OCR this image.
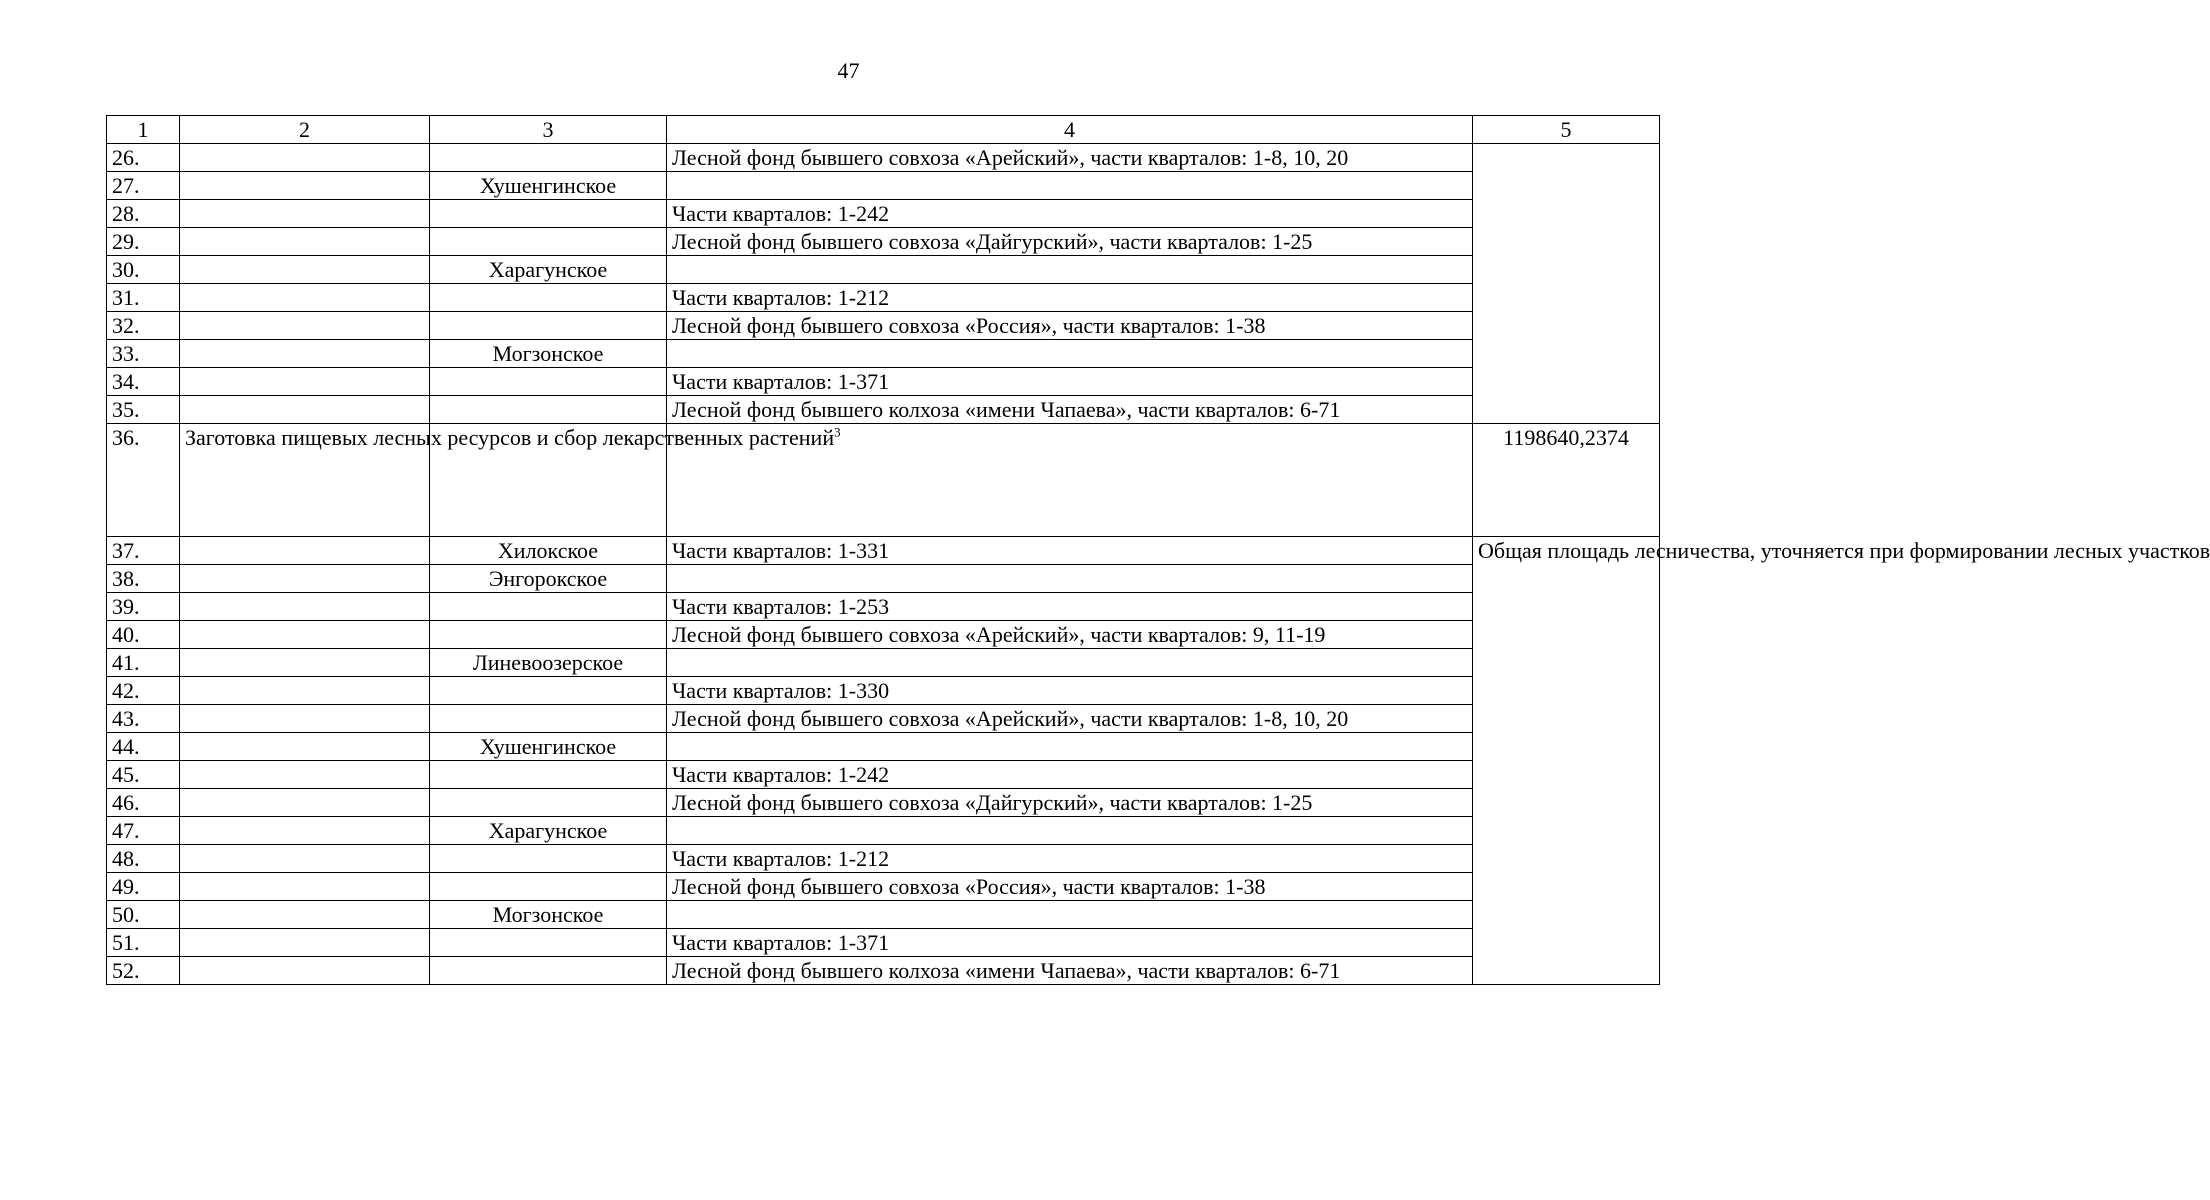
47
1	2	3	4	5
26.			Лесной фонд бывшего совхоза «Арейский», части кварталов: 1-8, 10, 20	
27.		Хушенгинское		
28.			Части кварталов: 1-242	
29.			Лесной фонд бывшего совхоза «Дайгурский», части кварталов: 1-25	
30.		Харагунское		
31.			Части кварталов: 1-212	
32.			Лесной фонд бывшего совхоза «Россия», части кварталов: 1-38	
33.		Могзонское		
34.			Части кварталов: 1-371	
35.			Лесной фонд бывшего колхоза «имени Чапаева», части кварталов: 6-71	
36.	Заготовка пищевых лесных ресурсов и сбор лекарственных растений$^3$			1198640,2374
37.		Хилокское	Части кварталов: 1-331	Общая площадь лесничества, уточняется при формировании лесных участков
38.		Энгорокское		
39.			Части кварталов: 1-253	
40.			Лесной фонд бывшего совхоза «Арейский», части кварталов: 9, 11-19	
41.		Линевоозерское		
42.			Части кварталов: 1-330	
43.			Лесной фонд бывшего совхоза «Арейский», части кварталов: 1-8, 10, 20	
44.		Хушенгинское		
45.			Части кварталов: 1-242	
46.			Лесной фонд бывшего совхоза «Дайгурский», части кварталов: 1-25	
47.		Харагунское		
48.			Части кварталов: 1-212	
49.			Лесной фонд бывшего совхоза «Россия», части кварталов: 1-38	
50.		Могзонское		
51.			Части кварталов: 1-371	
52.			Лесной фонд бывшего колхоза «имени Чапаева», части кварталов: 6-71	
